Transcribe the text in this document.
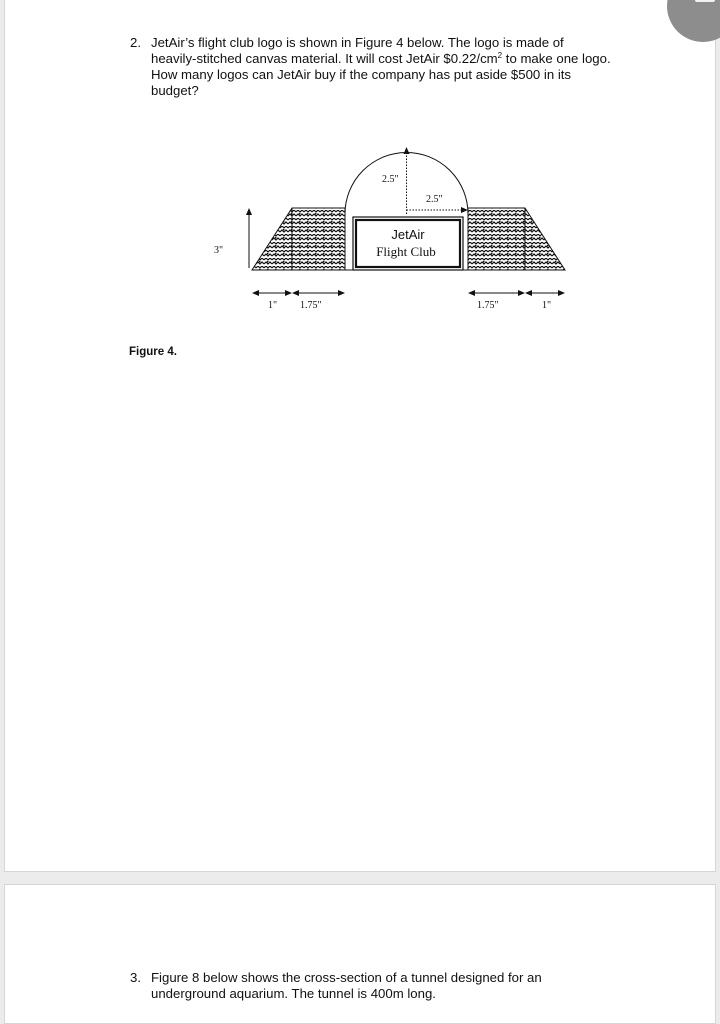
2. JetAir’s flight club logo is shown in Figure 4 below. The logo is made of heavily-stitched canvas material. It will cost JetAir $\$0.22/cm^2$ to make one logo. How many logos can JetAir buy if the company has put aside $500 in its budget?
2.5"
2.5"
JetAir
Flight Club
3"
1" 1.75"	1.75"	1"
Figure 4.
3. Figure 8 below shows the cross-section of a tunnel designed for an underground aquarium. The tunnel is 400m long.
